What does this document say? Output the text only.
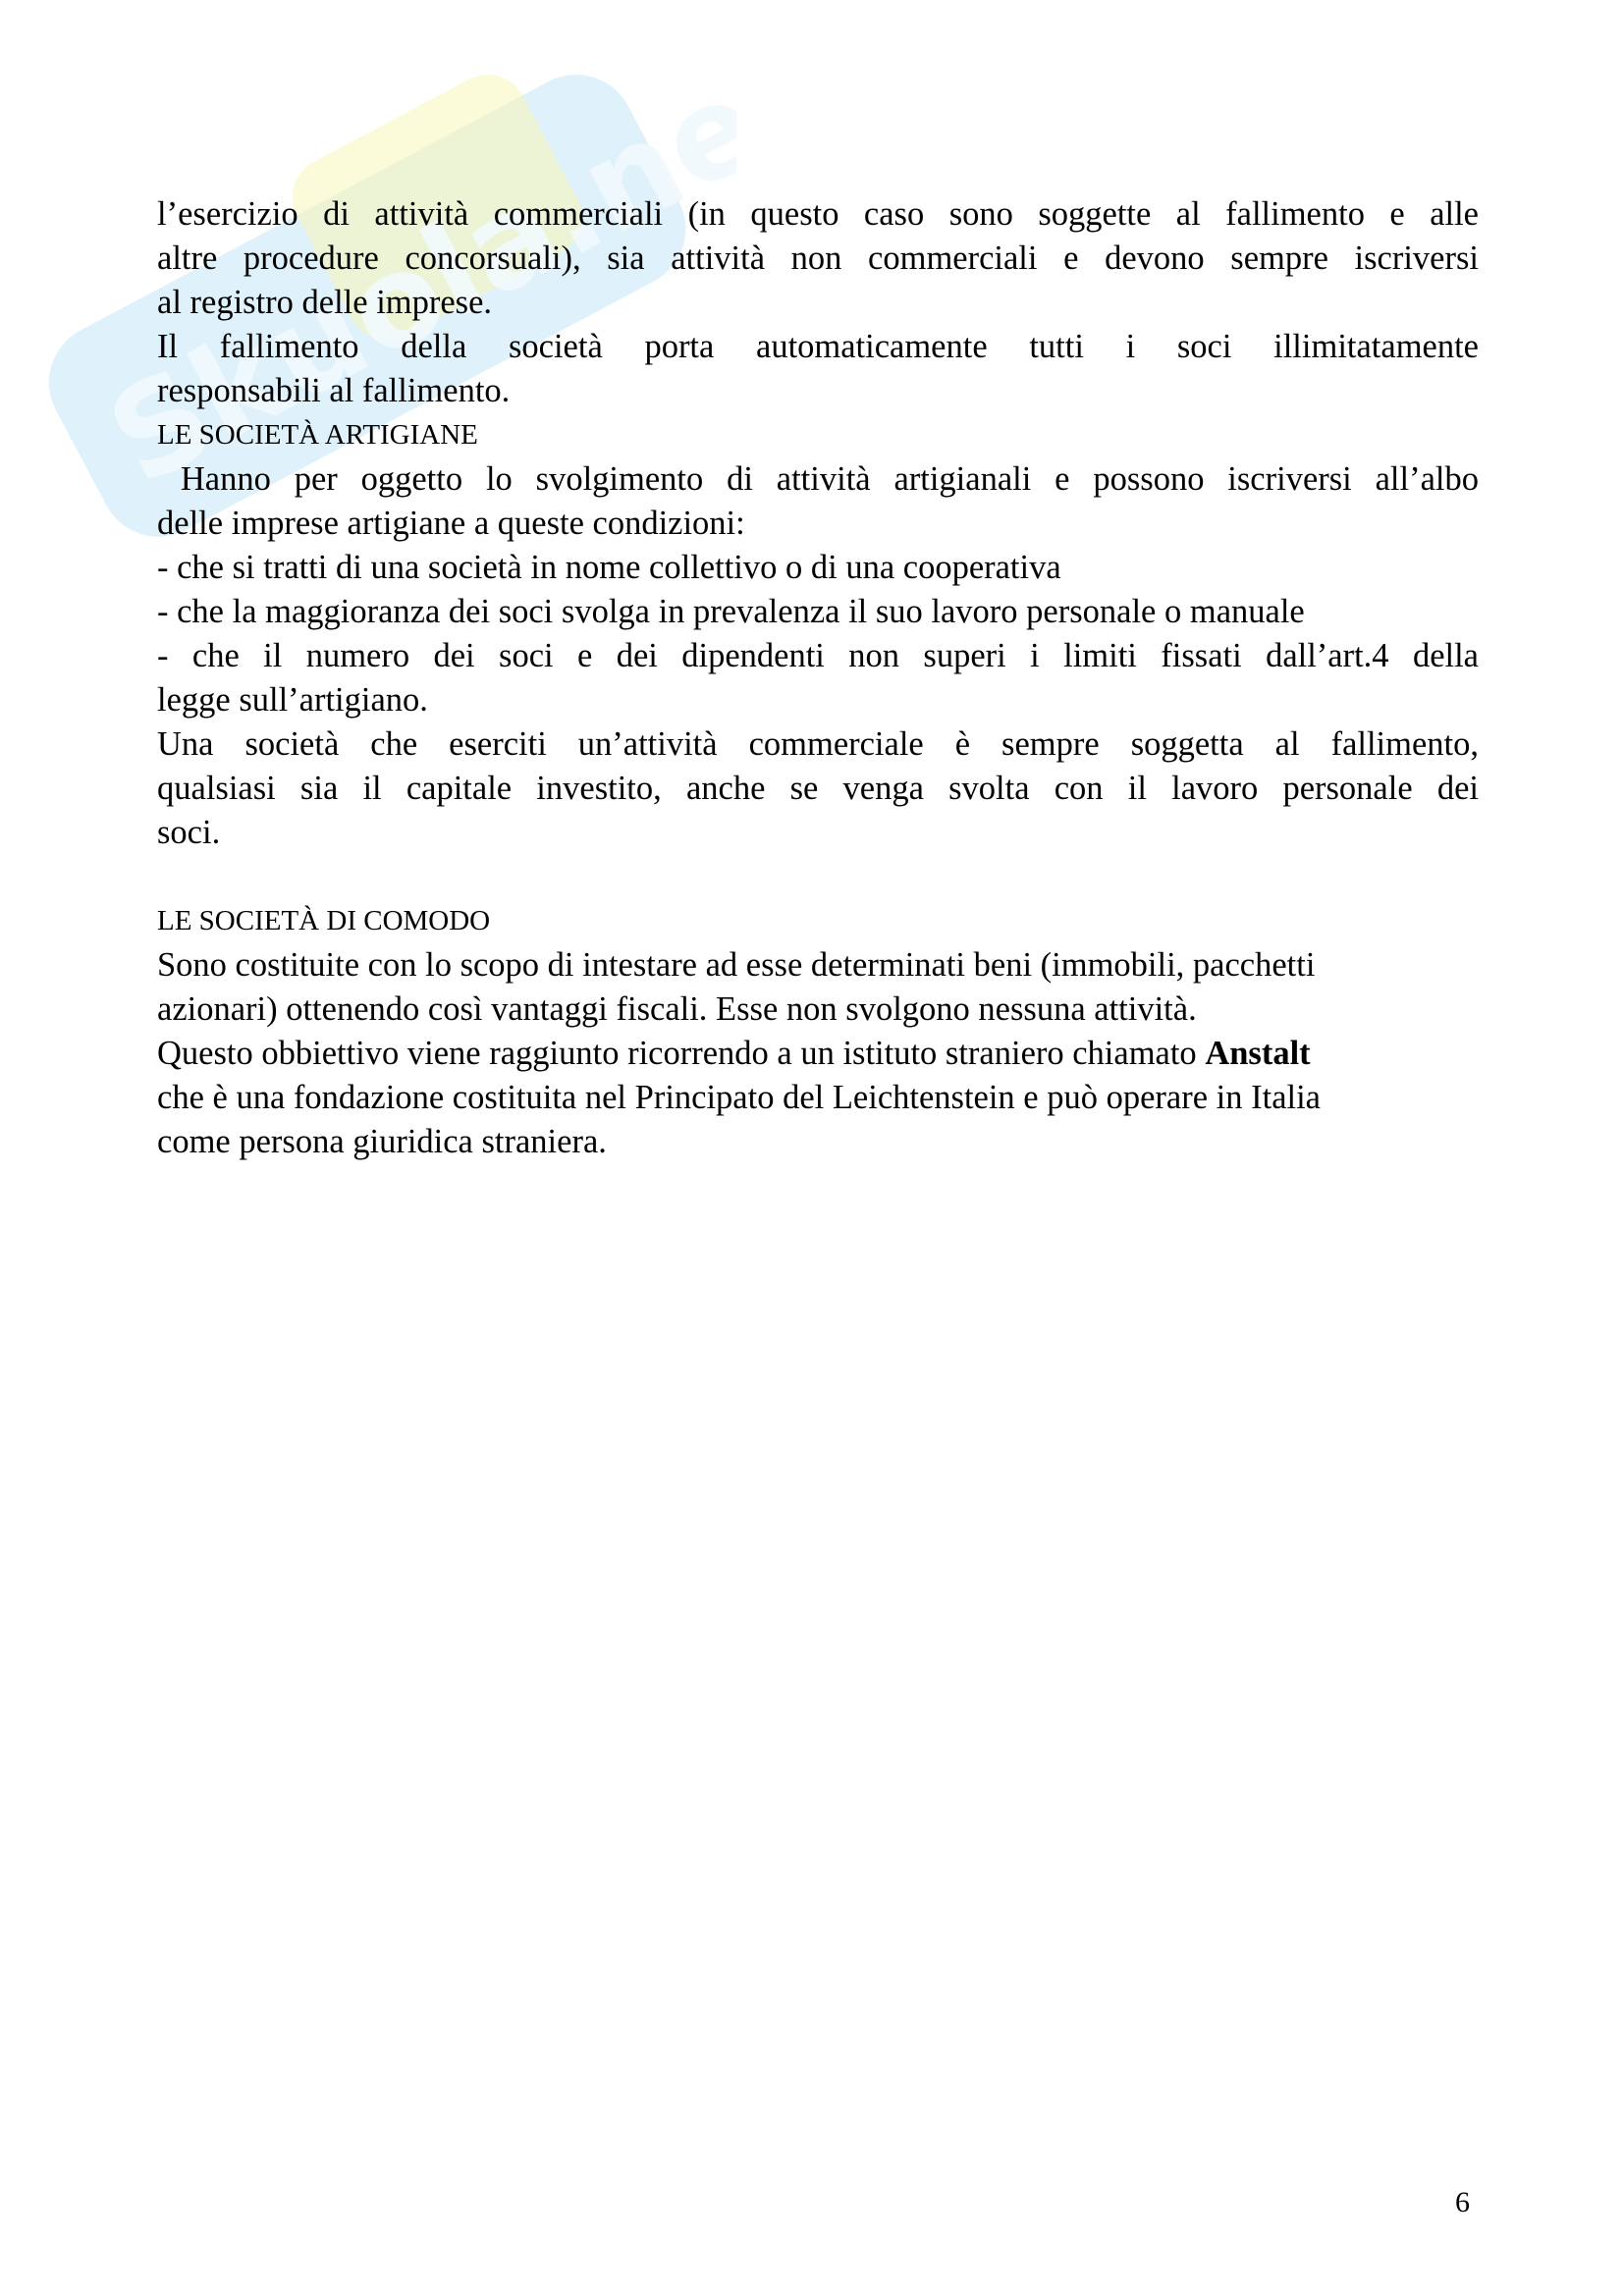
Skuola.net
l’esercizio di attività commerciali (in questo caso sono soggette al fallimento e alle
altre procedure concorsuali), sia attività non commerciali e devono sempre iscriversi
al registro delle imprese.
Il fallimento della società porta automaticamente tutti i soci illimitatamente
responsabili al fallimento.
LE SOCIETÀ ARTIGIANE
Hanno per oggetto lo svolgimento di attività artigianali e possono iscriversi all’albo
delle imprese artigiane a queste condizioni:
- che si tratti di una società in nome collettivo o di una cooperativa
- che la maggioranza dei soci svolga in prevalenza il suo lavoro personale o manuale
- che il numero dei soci e dei dipendenti non superi i limiti fissati dall’art.4 della
legge sull’artigiano.
Una società che eserciti un’attività commerciale è sempre soggetta al fallimento,
qualsiasi sia il capitale investito, anche se venga svolta con il lavoro personale dei
soci.
LE SOCIETÀ DI COMODO
Sono costituite con lo scopo di intestare ad esse determinati beni (immobili, pacchetti
azionari) ottenendo così vantaggi fiscali. Esse non svolgono nessuna attività.
Questo obbiettivo viene raggiunto ricorrendo a un istituto straniero chiamato Anstalt
che è una fondazione costituita nel Principato del Leichtenstein e può operare in Italia
come persona giuridica straniera.
6
